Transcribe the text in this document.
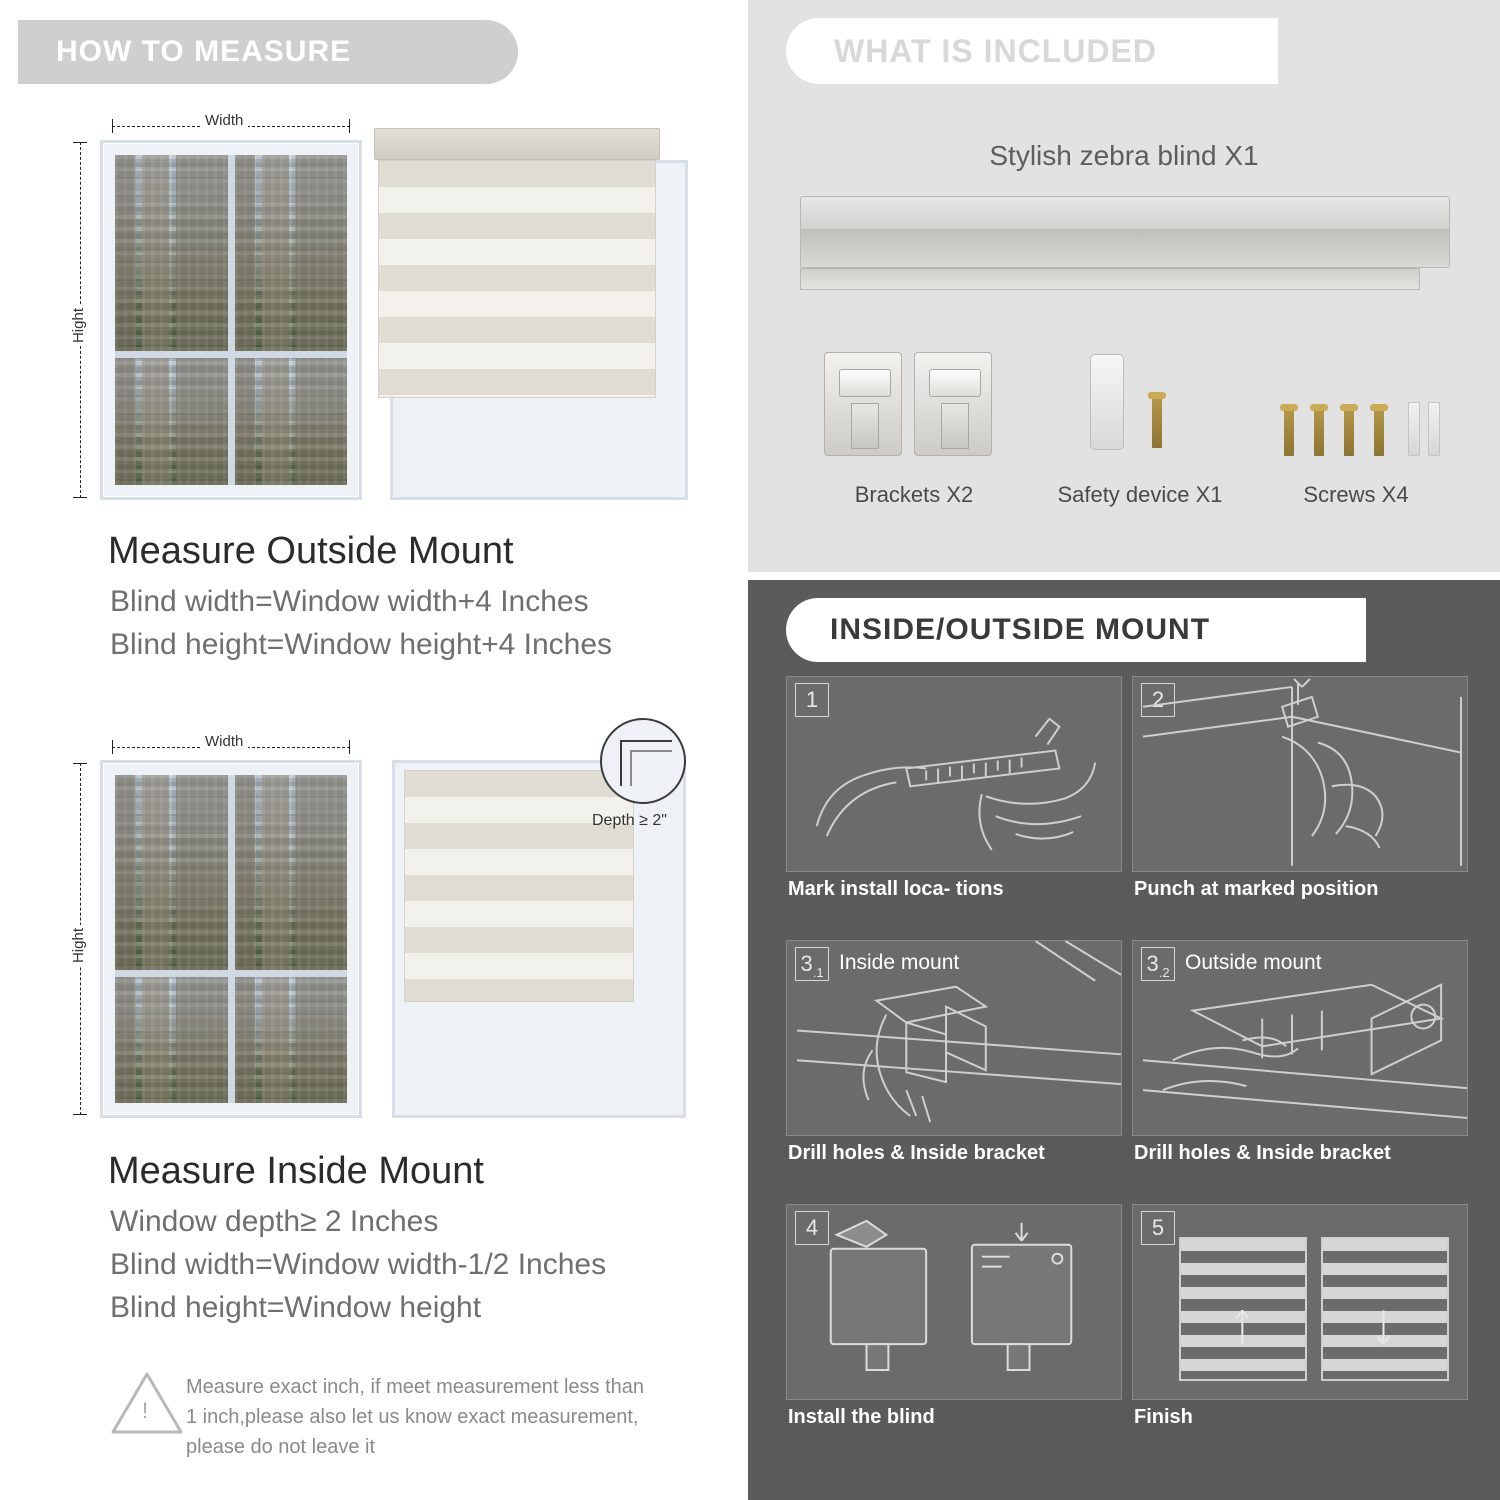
HOW TO MEASURE
Width
Hight
Measure Outside Mount
Blind width=Window width+4 Inches
Blind height=Window height+4 Inches
Width
Hight
Depth ≥ 2"
Measure Inside Mount
Window depth≥ 2 Inches
Blind width=Window width-1/2 Inches
Blind height=Window height
!
Measure exact inch, if meet measurement less than 1 inch,please also let us know exact measurement, please do not leave it
WHAT IS INCLUDED
Stylish zebra blind X1
Brackets X2	Safety device X1	Screws X4
INSIDE/OUTSIDE MOUNT
1
Mark install loca- tions
2
Punch at marked position
3 .1 Inside mount
Drill holes & Inside bracket
3 .2 Outside mount
Drill holes & Inside bracket
4
Install the blind
5
Finish
